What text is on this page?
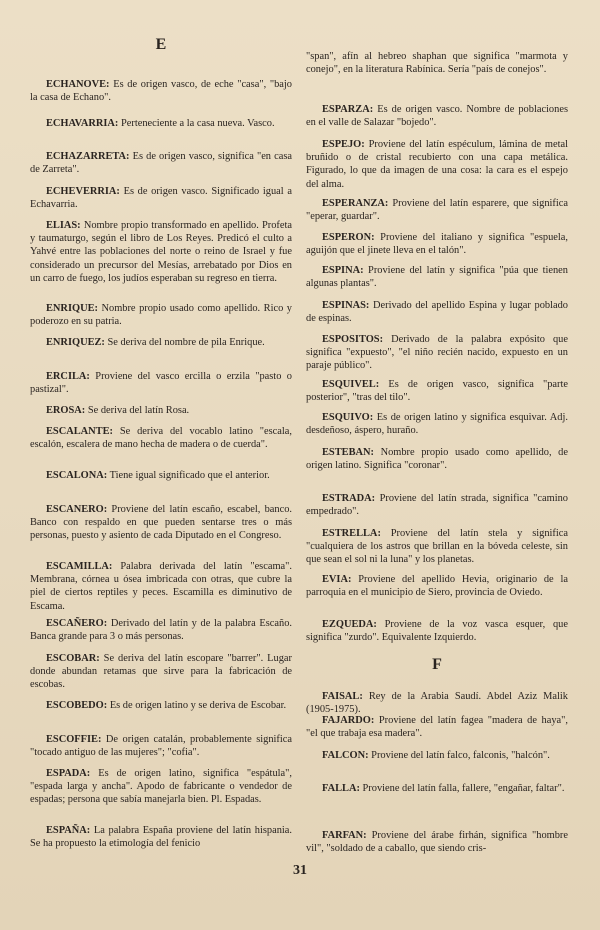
E
F

ECHANOVE: Es de origen vasco, de eche "casa", "bajo la casa de Echano".

ECHAVARRIA: Perteneciente a la casa nueva. Vasco.

ECHAZARRETA: Es de origen vasco, significa "en casa de Zarreta".

ECHEVERRIA: Es de origen vasco. Significado igual a Echavarria.

ELIAS: Nombre propio transformado en apellido. Profeta y taumaturgo, según el libro de Los Reyes. Predicó el culto a Yahvé entre las poblaciones del norte o reino de Israel y fue considerado un precursor del Mesías, arrebatado por Dios en un carro de fuego, los judíos esperaban su regreso en tierra.

ENRIQUE: Nombre propio usado como apellido. Rico y poderozo en su patria.

ENRIQUEZ: Se deriva del nombre de pila Enrique.

ERCILA: Proviene del vasco ercilla o erzila "pasto o pastizal".

EROSA: Se deriva del latín Rosa.

ESCALANTE: Se deriva del vocablo latino "escala, escalón, escalera de mano hecha de madera o de cuerda".

ESCALONA: Tiene igual significado que el anterior.

ESCANERO: Proviene del latín escaño, escabel, banco. Banco con respaldo en que pueden sentarse tres o más personas, puesto y asiento de cada Diputado en el Congreso.

ESCAMILLA: Palabra derivada del latín "escama". Membrana, córnea u ósea imbricada con otras, que cubre la piel de ciertos reptiles y peces. Escamilla es diminutivo de Escama.

ESCAÑERO: Derivado del latín y de la palabra Escaño. Banca grande para 3 o más personas.

ESCOBAR: Se deriva del latín escopare "barrer". Lugar donde abundan retamas que sirve para la fabricación de escobas.

ESCOBEDO: Es de origen latino y se deriva de Escobar.

ESCOFFIE: De origen catalán, probablemente significa "tocado antiguo de las mujeres"; "cofia".

ESPADA: Es de origen latino, significa "espátula", "espada larga y ancha". Apodo de fabricante o vendedor de espadas; persona que sabía manejarla bien. Pl. Espadas.

ESPAÑA: La palabra España proviene del latín hispania. Se ha propuesto la etimología del fenicio

"span", afín al hebreo shaphan que significa "marmota y conejo", en la literatura Rabínica. Sería "país de conejos".

ESPARZA: Es de origen vasco. Nombre de poblaciones en el valle de Salazar "bojedo".

ESPEJO: Proviene del latín espéculum, lámina de metal bruñido o de cristal recubierto con una capa metálica. Figurado, lo que da imagen de una cosa: la cara es el espejo del alma.

ESPERANZA: Proviene del latín esparere, que significa "eperar, guardar".

ESPERON: Proviene del italiano y significa "espuela, aguijón que el jinete lleva en el talón".

ESPINA: Proviene del latín y significa "púa que tienen algunas plantas".

ESPINAS: Derivado del apellido Espina y lugar poblado de espinas.

ESPOSITOS: Derivado de la palabra expósito que significa "expuesto", "el niño recién nacido, expuesto en un paraje público".

ESQUIVEL: Es de origen vasco, significa "parte posterior", "tras del tilo".

ESQUIVO: Es de origen latino y significa esquivar. Adj. desdeñoso, áspero, huraño.

ESTEBAN: Nombre propio usado como apellido, de origen latino. Significa "coronar".

ESTRADA: Proviene del latín strada, significa "camino empedrado".

ESTRELLA: Proviene del latín stela y significa "cualquiera de los astros que brillan en la bóveda celeste, sin que sean el sol ni la luna" y los planetas.

EVIA: Proviene del apellido Hevia, originario de la parroquia en el municipio de Siero, provincia de Oviedo.

EZQUEDA: Proviene de la voz vasca esquer, que significa "zurdo". Equivalente Izquierdo.

FAISAL: Rey de la Arabia Saudí. Abdel Aziz Malik (1905-1975).

FAJARDO: Proviene del latín fagea "madera de haya", "el que trabaja esa madera".

FALCON: Proviene del latín falco, falconis, "halcón".

FALLA: Proviene del latín falla, fallere, "engañar, faltar".

FARFAN: Proviene del árabe firhán, significa "hombre vil", "soldado de a caballo, que siendo cris-

31
